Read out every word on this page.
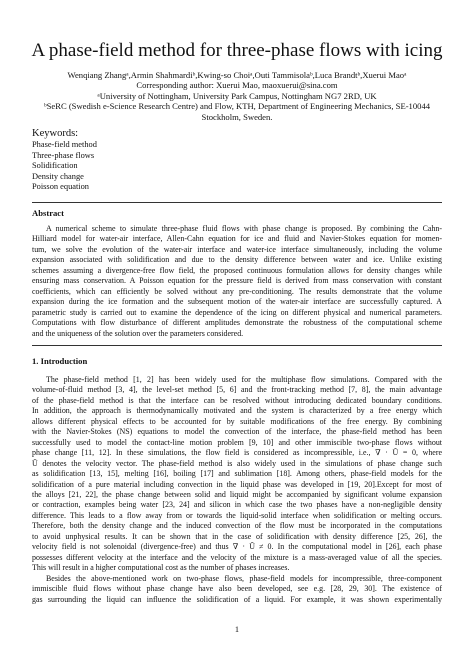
A phase-field method for three-phase flows with icing
Wenqiang Zhangᵃ,Armin Shahmardiᵇ,Kwing-so Choiᵃ,Outi Tammisolaᵇ,Luca Brandtᵇ,Xuerui Maoᵃ
Corresponding author: Xuerui Mao, maoxuerui@sina.com
ᵃUniversity of Nottingham, University Park Campus, Nottingham NG7 2RD, UK
ᵇSeRC (Swedish e-Science Research Centre) and Flow, KTH, Department of Engineering Mechanics, SE-10044
Stockholm, Sweden.
Keywords:
Phase-field method
Three-phase flows
Solidification
Density change
Poisson equation
Abstract
A numerical scheme to simulate three-phase fluid flows with phase change is proposed. By combining the Cahn-
Hilliard model for water-air interface, Allen-Cahn equation for ice and fluid and Navier-Stokes equation for momen-
tum, we solve the evolution of the water-air interface and water-ice interface simultaneously, including the volume
expansion associated with solidification and due to the density difference between water and ice. Unlike existing
schemes assuming a divergence-free flow field, the proposed continuous formulation allows for density changes while
ensuring mass conservation. A Poisson equation for the pressure field is derived from mass conservation with constant
coefficients, which can efficiently be solved without any pre-conditioning. The results demonstrate that the volume
expansion during the ice formation and the subsequent motion of the water-air interface are successfully captured. A
parametric study is carried out to examine the dependence of the icing on different physical and numerical parameters.
Computations with flow disturbance of different amplitudes demonstrate the robustness of the computational scheme
and the uniqueness of the solution over the parameters considered.
1. Introduction
The phase-field method [1, 2] has been widely used for the multiphase flow simulations. Compared with the
volume-of-fluid method [3, 4], the level-set method [5, 6] and the front-tracking method [7, 8], the main advantage
of the phase-field method is that the interface can be resolved without introducing dedicated boundary conditions.
In addition, the approach is thermodynamically motivated and the system is characterized by a free energy which
allows different physical effects to be accounted for by suitable modifications of the free energy. By combining
with the Navier-Stokes (NS) equations to model the convection of the interface, the phase-field method has been
successfully used to model the contact-line motion problem [9, 10] and other immiscible two-phase flows without
phase change [11, 12]. In these simulations, the flow field is considered as incompressible, i.e., ∇ · Ũ = 0, where
Ũ denotes the velocity vector. The phase-field method is also widely used in the simulations of phase change such
as solidification [13, 15], melting [16], boiling [17] and sublimation [18]. Among others, phase-field models for the
solidification of a pure material including convection in the liquid phase was developed in [19, 20].Except for most of
the alloys [21, 22], the phase change between solid and liquid might be accompanied by significant volume expansion
or contraction, examples being water [23, 24] and silicon in which case the two phases have a non-negligible density
difference. This leads to a flow away from or towards the liquid-solid interface when solidification or melting occurs.
Therefore, both the density change and the induced convection of the flow must be incorporated in the computations
to avoid unphysical results. It can be shown that in the case of solidification with density difference [25, 26], the
velocity field is not solenoidal (divergence-free) and thus ∇ · Ũ ≠ 0. In the computational model in [26], each phase
possesses different velocity at the interface and the velocity of the mixture is a mass-averaged value of all the species.
This will result in a higher computational cost as the number of phases increases.
Besides the above-mentioned work on two-phase flows, phase-field models for incompressible, three-component
immiscible fluid flows without phase change have also been developed, see e.g. [28, 29, 30]. The existence of
gas surrounding the liquid can influence the solidification of a liquid. For example, it was shown experimentally
1
